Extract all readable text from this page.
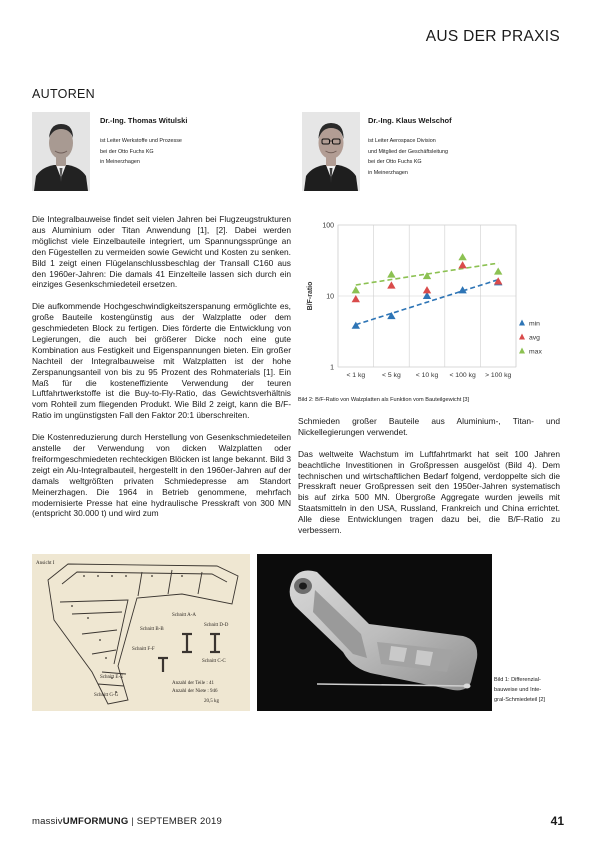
AUS DER PRAXIS
AUTOREN
Dr.-Ing. Thomas Witulski
ist Leiter Werkstoffe und Prozesse
bei der Otto Fuchs KG
in Meinerzhagen
Dr.-Ing. Klaus Welschof
ist Leiter Aerospace Division
und Mitglied der Geschäftsleitung
bei der Otto Fuchs KG
in Meinerzhagen

Die Integralbauweise findet seit vielen Jahren bei Flugzeugstrukturen aus Aluminium oder Titan Anwendung [1], [2]. Dabei werden möglichst viele Einzelbauteile integriert, um Spannungssprünge an den Fügestellen zu vermeiden sowie Gewicht und Kosten zu senken. Bild 1 zeigt einen Flügelanschlussbeschlag der Transall C160 aus den 1960er-Jahren: Die damals 41 Einzelteile lassen sich durch ein einziges Gesenkschmiedeteil ersetzen.

Die aufkommende Hochgeschwindigkeitszerspanung ermöglichte es, große Bauteile kostengünstig aus der Walzplatte oder dem geschmiedeten Block zu fertigen. Dies förderte die Entwicklung von Legierungen, die auch bei größerer Dicke noch eine gute Kombination aus Festigkeit und Eigenspannungen bieten. Ein großer Nachteil der Integralbauweise mit Walzplatten ist der hohe Zerspanungsanteil von bis zu 95 Prozent des Rohmaterials [1]. Ein Maß für die kosteneffiziente Verwendung der teuren Luftfahrtwerkstoffe ist die Buy-to-Fly-Ratio, das Gewichtsverhältnis vom Rohteil zum fliegenden Produkt. Wie Bild 2 zeigt, kann die B/F-Ratio im ungünstigsten Fall den Faktor 20:1 überschreiten.

Die Kostenreduzierung durch Herstellung von Gesenkschmiedeteilen anstelle der Verwendung von dicken Walzplatten oder freiformgeschmiedeten rechteckigen Blöcken ist lange bekannt. Bild 3 zeigt ein Alu-Integralbauteil, hergestellt in den 1960er-Jahren auf der damals weltgrößten privaten Schmiedepresse am Standort Meinerzhagen. Die 1964 in Betrieb genommene, mehrfach modernisierte Presse hat eine hydraulische Presskraft von 300 MN (entspricht 30.000 t) und wird zum

1
10
100
< 1 kg < 5 kg < 10 kg < 100 kg > 100 kg
B/F-ratio
min
avg
max
Bild 2: B/F-Ratio von Walzplatten als Funktion vom Bauteilgewicht [3]

Schmieden großer Bauteile aus Aluminium-, Titan- und Nickellegierungen verwendet.

Das weltweite Wachstum im Luftfahrtmarkt hat seit 100 Jahren beachtliche Investitionen in Großpressen ausgelöst (Bild 4). Dem technischen und wirtschaftlichen Bedarf folgend, verdoppelte sich die Presskraft neuer Großpressen seit den 1950er-Jahren systematisch bis auf zirka 500 MN. Übergroße Aggregate wurden jeweils mit Staatsmitteln in den USA, Russland, Frankreich und China errichtet. Alle diese Entwicklungen tragen dazu bei, die B/F-Ratio zu verbessern.

Ansicht I
Schnitt A-A
Schnitt B-B
Schnitt D-D
Schnitt F-F
Schnitt C-C
Schnitt E-E
Schnitt G-G
Anzahl der Teile : 41
Anzahl der Niete : 946
20,5 kg
Bild 1: Differenzial-
bauweise und Inte-
gral-Schmiedeteil [2]
massivUMFORMUNG | SEPTEMBER 2019	41
